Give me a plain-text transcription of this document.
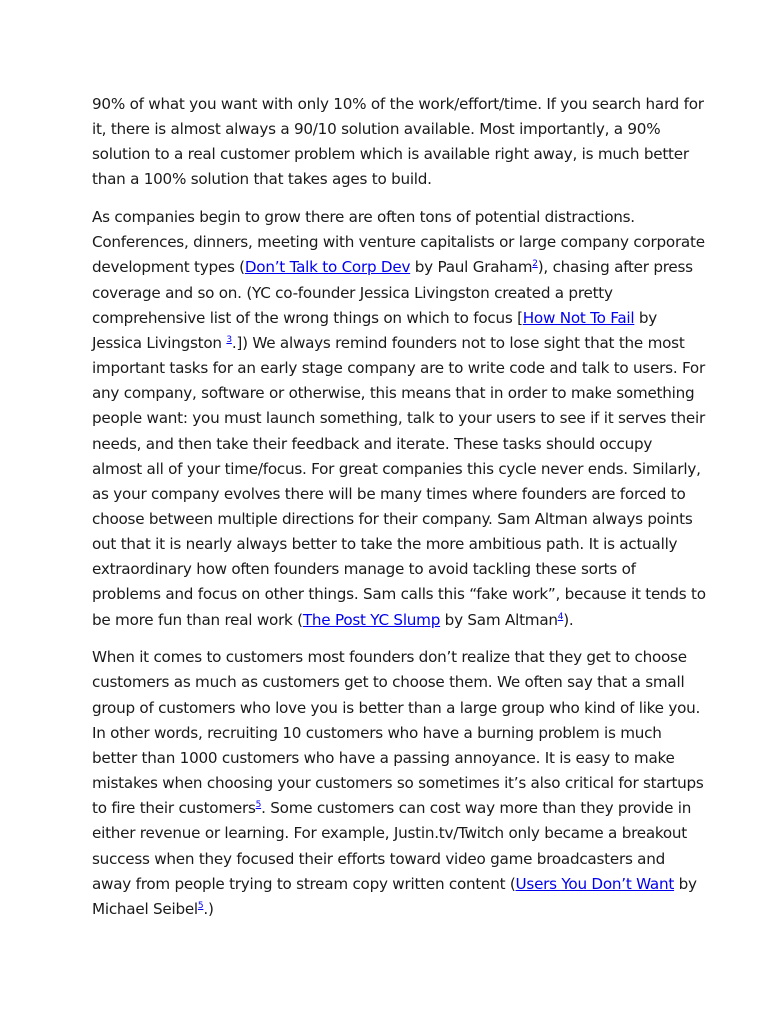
90% of what you want with only 10% of the work/effort/time. If you search hard for it, there is almost always a 90/10 solution available. Most importantly, a 90% solution to a real customer problem which is available right away, is much better than a 100% solution that takes ages to build.

As companies begin to grow there are often tons of potential distractions. Conferences, dinners, meeting with venture capitalists or large company corporate development types (Don’t Talk to Corp Dev by Paul Graham$^2$), chasing after press coverage and so on. (YC co-founder Jessica Livingston created a pretty comprehensive list of the wrong things on which to focus [How Not To Fail by Jessica Livingston $^3$.]) We always remind founders not to lose sight that the most important tasks for an early stage company are to write code and talk to users. For any company, software or otherwise, this means that in order to make something people want: you must launch something, talk to your users to see if it serves their needs, and then take their feedback and iterate. These tasks should occupy almost all of your time/focus. For great companies this cycle never ends. Similarly, as your company evolves there will be many times where founders are forced to choose between multiple directions for their company. Sam Altman always points out that it is nearly always better to take the more ambitious path. It is actually extraordinary how often founders manage to avoid tackling these sorts of problems and focus on other things. Sam calls this “fake work”, because it tends to be more fun than real work (The Post YC Slump by Sam Altman$^4$).

When it comes to customers most founders don’t realize that they get to choose customers as much as customers get to choose them. We often say that a small group of customers who love you is better than a large group who kind of like you. In other words, recruiting 10 customers who have a burning problem is much better than 1000 customers who have a passing annoyance. It is easy to make mistakes when choosing your customers so sometimes it’s also critical for startups to fire their customers$^5$. Some customers can cost way more than they provide in either revenue or learning. For example, Justin.tv/Twitch only became a breakout success when they focused their efforts toward video game broadcasters and away from people trying to stream copy written content (Users You Don’t Want by Michael Seibel$^5$.)
